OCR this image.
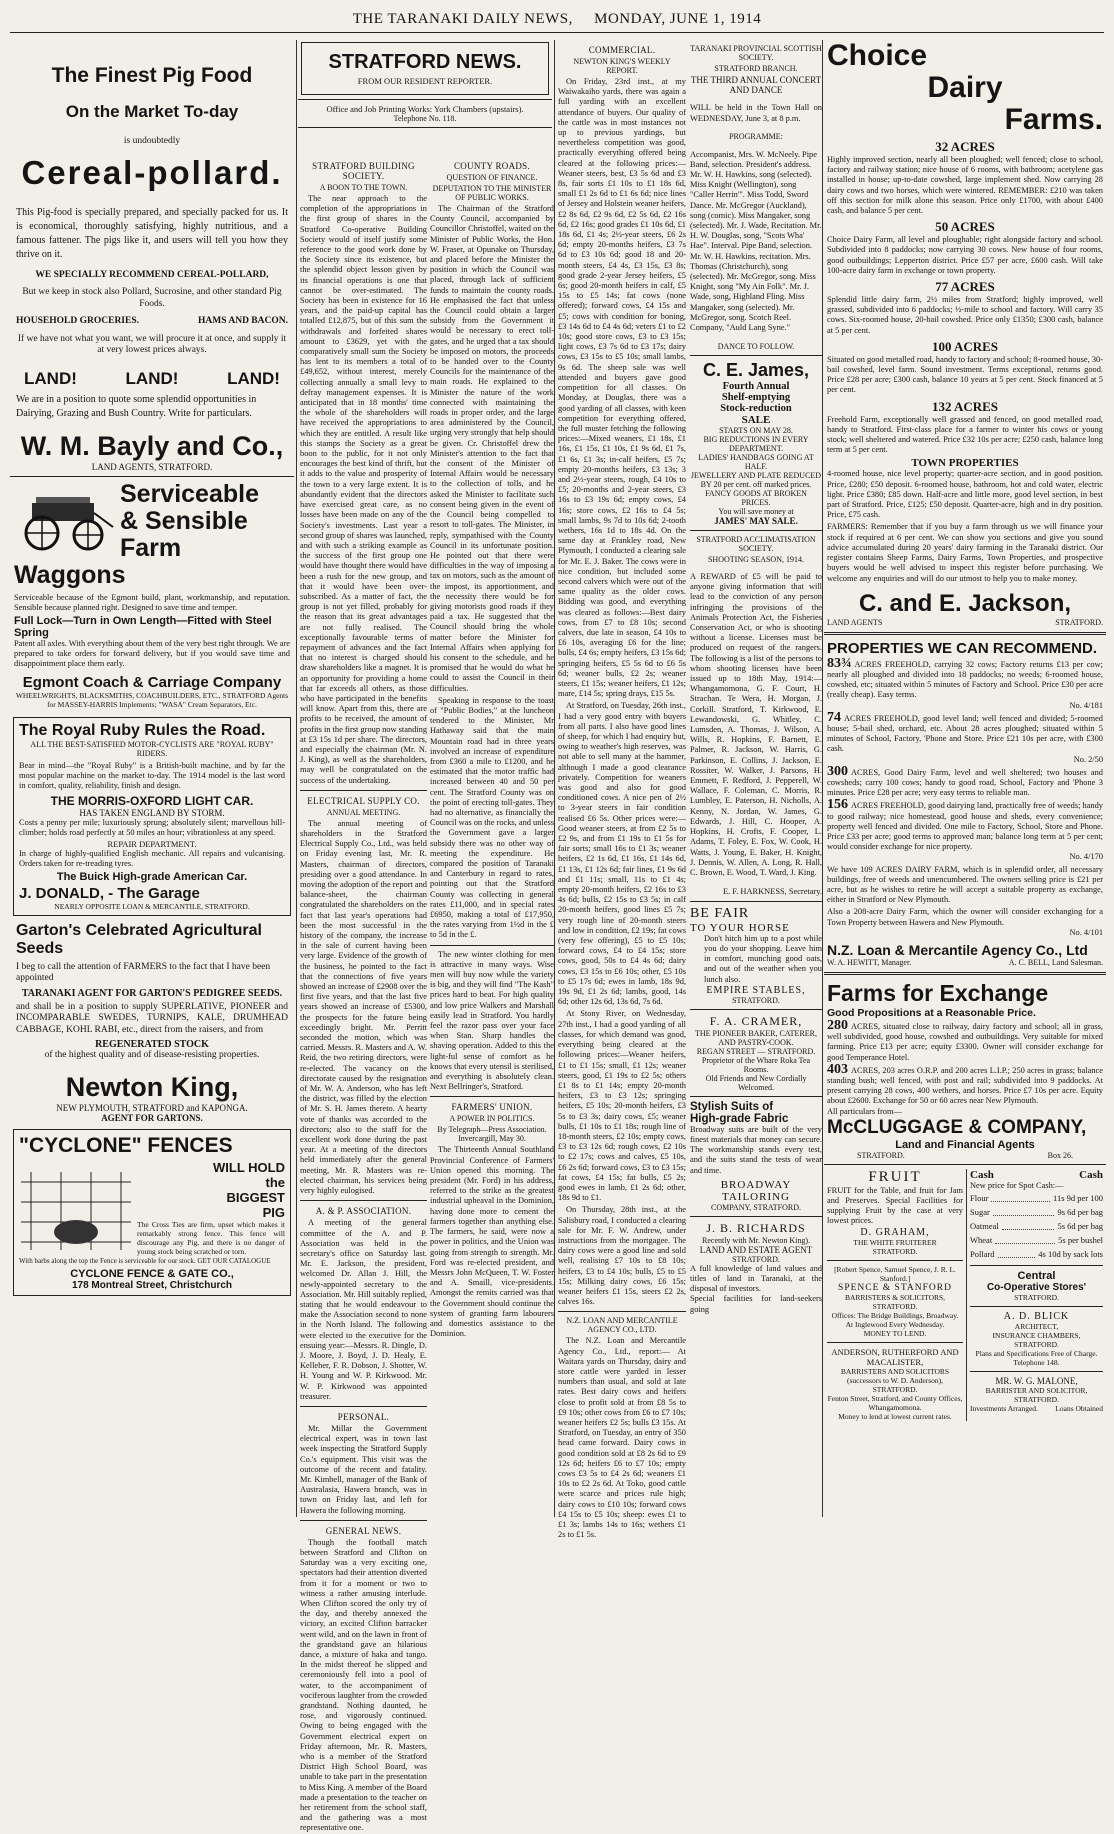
THE TARANAKI DAILY NEWS, MONDAY, JUNE 1, 1914
The Finest Pig Food
On the Market To-day
is undoubtedly
Cereal-pollard.
This Pig-food is specially prepared, and specially packed for us. It is economical, thoroughly satisfying, highly nutritious, and a famous fattener. The pigs like it, and users will tell you how they thrive on it.
WE SPECIALLY RECOMMEND CEREAL-POLLARD,
But we keep in stock also Pollard, Sucrosine, and other standard Pig Foods.
HOUSEHOLD GROCERIES.	HAMS AND BACON.
If we have not what you want, we will procure it at once, and supply it at very lowest prices always.
LAND!	LAND!	LAND!
We are in a position to quote some splendid opportunities in Dairying, Grazing and Bush Country. Write for particulars.
W. M. Bayly and Co.,
LAND AGENTS, STRATFORD.
Serviceable
& Sensible
Farm
Waggons
Serviceable because of the Egmont build, plant, workmanship, and reputation. Sensible because planned right. Designed to save time and temper.
Full Lock—Turn in Own Length—Fitted with Steel Spring
Patent all axles. With everything about them of the very best right through. We are prepared to take orders for forward delivery, but if you would save time and disappointment place them early.
Egmont Coach & Carriage Company
WHEELWRIGHTS, BLACKSMITHS, COACHBUILDERS, ETC., STRATFORD Agents for MASSEY-HARRIS Implements; "WASA" Cream Separators, Etc.
The Royal Ruby Rules the Road.
ALL THE BEST-SATISFIED MOTOR-CYCLISTS ARE "ROYAL RUBY" RIDERS.
Bear in mind—the "Royal Ruby" is a British-built machine, and by far the most popular machine on the market to-day. The 1914 model is the last word in comfort, quality, reliability, finish and design.
THE MORRIS-OXFORD LIGHT CAR.
HAS TAKEN ENGLAND BY STORM.
Costs a penny per mile; luxuriously sprung; absolutely silent; marvellous hill-climber; holds road perfectly at 50 miles an hour; vibrationless at any speed.
REPAIR DEPARTMENT.
In charge of highly-qualified English mechanic. All repairs and vulcanising. Orders taken for re-treading tyres.
The Buick High-grade American Car.
J. DONALD, - The Garage
NEARLY OPPOSITE LOAN & MERCANTILE, STRATFORD.
Garton's Celebrated Agricultural
Seeds
I beg to call the attention of FARMERS to the fact that I have been appointed
TARANAKI AGENT FOR GARTON'S PEDIGREE SEEDS.
and shall be in a position to supply SUPERLATIVE, PIONEER and INCOMPARABLE SWEDES, TURNIPS, KALE, DRUMHEAD CABBAGE, KOHL RABI, etc., direct from the raisers, and from
REGENERATED STOCK
of the highest quality and of disease-resisting properties.
Newton King,
NEW PLYMOUTH, STRATFORD and KAPONGA.
AGENT FOR GARTONS.
"CYCLONE" FENCES
WILL HOLD
the
BIGGEST
PIG
The Cross Ties are firm, upset which makes it remarkably strong fence. This fence will discourage any Pig, and there is no danger of young stock being scratched or torn.
With barbs along the top the Fence is serviceable for our stock. GET OUR CATALOGUE
CYCLONE FENCE & GATE CO.,
178 Montreal Street, Christchurch
STRATFORD NEWS.
FROM OUR RESIDENT REPORTER.
Office and Job Printing Works: York Chambers (upstairs).
Telephone No. 118.
STRATFORD BUILDING SOCIETY.
A BOON TO THE TOWN.

The near approach to the completion of the appropriations in the first group of shares in the Stratford Co-operative Building Society would of itself justify some reference to the good work done by the Society since its existence, but the splendid object lesson given by its financial operations is one that cannot be over-estimated. The Society has been in existence for 16 years, and the paid-up capital has totalled £12,875, but of this sum the withdrawals and forfeited shares amount to £3629, yet with the comparatively small sum the Society has lent to its members a total of £49,652, without interest, merely collecting annually a small levy to defray management expenses. It is anticipated that in 18 months' time the whole of the shareholders will have received the appropriations to which they are entitled. A result like this stamps the Society as a great boon to the public, for it not only encourages the best kind of thrift, but it adds to the value and prosperity of the town to a very large extent. It is abundantly evident that the directors have exercised great care, as no losses have been made on any of the Society's investments. Last year a second group of shares was launched, and with such a striking example as the success of the first group one would have thought there would have been a rush for the new group, and that it would have been over-subscribed. As a matter of fact, the group is not yet filled, probably for the reason that its great advantages are not fully realised. The exceptionally favourable terms of repayment of advances and the fact that no interest is charged should draw shareholders like a magnet. It is an opportunity for providing a home that far exceeds all others, as those who have participated in the benefits will know. Apart from this, there are profits to be received, the amount of profits in the first group now standing at £3 15s 1d per share. The directors, and especially the chairman (Mr. N. J. King), as well as the shareholders, may well be congratulated on the success of the undertaking.

ELECTRICAL SUPPLY CO.
ANNUAL MEETING.

The annual meeting of shareholders in the Stratford Electrical Supply Co., Ltd., was held on Friday evening last, Mr. R. Masters, chairman of directors, presiding over a good attendance. In moving the adoption of the report and balance-sheet, the chairman congratulated the shareholders on the fact that last year's operations had been the most successful in the history of the company, the increase in the sale of current having been very large. Evidence of the growth of the business, he pointed to the fact that the connections of five years showed an increase of £2908 over the first five years, and that the last five years showed an increase of £5300, the prospects for the future being exceedingly bright. Mr. Perritt seconded the motion, which was carried. Messrs. R. Masters and A. W. Reid, the two retiring directors, were re-elected. The vacancy on the directorate caused by the resignation of Mr. W. A. Anderson, who has left the district, was filled by the election of Mr. S. H. James thereto. A hearty vote of thanks was accorded to the directors; also to the staff for the excellent work done during the past year. At a meeting of the directors held immediately after the general meeting, Mr. R. Masters was re-elected chairman, his services being very highly eulogised.

A. & P. ASSOCIATION.

A meeting of the general committee of the A. and P. Association was held in the secretary's office on Saturday last. Mr. E. Jackson, the president, welcomed Dr. Allan J. Hill, the newly-appointed secretary to the Association. Mr. Hill suitably replied, stating that he would endeavour to make the Association second to none in the North Island. The following were elected to the executive for the ensuing year:—Messrs. R. Dingle, D. J. Moore, J. Boyd, J. D. Healy, E. Kelleher, F. R. Dobson, J. Shotter, W. H. Young and W. P. Kirkwood. Mr. W. P. Kirkwood was appointed treasurer.

PERSONAL.

Mr. Millar the Government electrical expert, was in town last week inspecting the Stratford Supply Co.'s equipment. This visit was the outcome of the recent and fatality. Mr. Kimbell, manager of the Bank of Australasia, Hawera branch, was in town on Friday last, and left for Hawera the following morning.

GENERAL NEWS.

Though the football match between Stratford and Clifton on Saturday was a very exciting one, spectators had their attention diverted from it for a moment or two to witness a rather amusing interlude. When Clifton scored the only try of the day, and thereby annexed the victory, an excited Clifton barracker went wild, and on the lawn in front of the grandstand gave an hilarious dance, a mixture of haka and tango. In the midst thereof he slipped and ceremoniously fell into a pool of water, to the accompaniment of vociferous laughter from the crowded grandstand. Nothing daunted, he rose, and vigorously continued. Owing to being engaged with the Government electrical expert on Friday afternoon, Mr. R. Masters, who is a member of the Stratford District High School Board, was unable to take part in the presentation to Miss King. A member of the Board made a presentation to the teacher on her retirement from the school staff, and the gathering was a most representative one.

COUNTY ROADS.
QUESTION OF FINANCE.
DEPUTATION TO THE MINISTER OF PUBLIC WORKS.

The Chairman of the Stratford County Council, accompanied by Councillor Christoffel, waited on the Minister of Public Works, the Hon. W. Fraser, at Opunake on Thursday, and placed before the Minister the position in which the Council was placed, through lack of sufficient funds to maintain the county roads. He emphasised the fact that unless the Council could obtain a larger subsidy from the Government it would be necessary to erect toll-gates, and he urged that a tax should be imposed on motors, the proceeds to be handed over to the County Councils for the maintenance of the main roads. He explained to the Minister the nature of the work connected with maintaining the roads in proper order, and the large area administered by the Council, urging very strongly that help should be given. Cr. Christoffel drew the Minister's attention to the fact that the consent of the Minister of Internal Affairs would be necessary to the collection of tolls, and he asked the Minister to facilitate such consent being given in the event of the Council being compelled to resort to toll-gates. The Minister, in reply, sympathised with the County Council in its unfortunate position. He pointed out that there were difficulties in the way of imposing a tax on motors, such as the amount of the impost, its apportionment, and the necessity there would be for giving motorists good roads if they paid a tax. He suggested that the Council should bring the whole matter before the Minister for Internal Affairs when applying for his consent to the schedule, and he promised that he would do what he could to assist the Council in their difficulties.

Speaking in response to the toast of "Public Bodies," at the luncheon tendered to the Minister, Mr Hathaway said that the main Mountain road had in three years involved an increase of expenditure from £360 a mile to £1200, and he estimated that the motor traffic had increased between 40 and 50 per cent. The Stratford County was on the point of erecting toll-gates. They had no alternative, as financially the Council was on the rocks, and unless the Government gave a larger subsidy there was no other way of meeting the expenditure. He compared the position of Taranaki and Canterbury in regard to rates, pointing out that the Stratford County was collecting in general rates £11,000, and in special rates £6950, making a total of £17,950, the rates varying from 1½d in the £ to 5d in the £.

The new winter clothing for men is attractive in many ways. Wise men will buy now while the variety is big, and they will find "The Kash" prices hard to beat. For high quality and low price Walkers and Marshall easily lead in Stratford. You hardly feel the razor pass over your face when Stan. Sharp handles the shaving operation. Added to this the light-ful sense of comfort as he knows that every utensil is sterilised, and everything is absolutely clean. Next Bellringer's, Stratford.

FARMERS' UNION.
A POWER IN POLITICS.
By Telegraph—Press Association. Invercargill, May 30.

The Thirteenth Annual Southland Provincial Conference of Farmers' Union opened this morning. The president (Mr. Ford) in his address, referred to the strike as the greatest industrial upheaval in the Dominion, having done more to cement the farmers together than anything else. The farmers, he said, were now a power in politics, and the Union was going from strength to strength. Mr. Ford was re-elected president, and Messrs John McQueen, T. W. Foster and A. Smaill, vice-presidents. Amongst the remits carried was that the Government should continue the system of granting farm labourers and domestics assistance to the Dominion.

COMMERCIAL.
NEWTON KING'S WEEKLY REPORT.

On Friday, 23rd inst., at my Waiwakaiho yards, there was again a full yarding with an excellent attendance of buyers. Our quality of the cattle was in most instances not up to previous yardings, but nevertheless competition was good, practically everything offered being cleared at the following prices:—Weaner steers, best, £3 5s 6d and £3 8s, fair sorts £1 10s to £1 18s 6d, small £1 2s 6d to £1 6s 6d; nice lines of Jersey and Holstein weaner heifers, £2 8s 6d, £2 9s 6d, £2 5s 6d, £2 16s 6d, £2 16s; good grades £1 10s 6d, £1 18s 6d, £1 4s; 2½-year steers, £6 2s 6d; empty 20-months heifers, £3 7s 6d to £3 10s 6d; good 18 and 20-month steers, £4 4s, £3 15s, £3 8s; good grade 2-year Jersey heifers, £5 6s; good 20-month heifers in calf, £5 15s to £5 14s; fat cows (none offered); forward cows, £4 15s and £5; cows with condition for boning, £3 14s 6d to £4 4s 6d; veters £1 to £2 10s; good store cows, £3 to £3 15s; light cows, £3 7s 6d to £3 17s; dairy cows, £3 15s to £5 10s; small lambs, 9s 6d. The sheep sale was well attended and buyers gave good competition for all classes. On Monday, at Douglas, there was a good yarding of all classes, with keen competition for everything offered, the full muster fetching the following prices:—Mixed weaners, £1 18s, £1 16s, £1 15s, £1 10s, £1 9s 6d, £1 7s, £1 6s, £1 3s; in-calf heifers, £5 7s; empty 20-months heifers, £3 13s; 3 and 2½-year steers, rough, £4 10s to £5; 20-months and 2-year steers, £3 16s to £3 19s 6d; empty cows, £4 16s; store cows, £2 16s to £4 5s; small lambs, 9s 7d to 10s 6d; 2-tooth wethers, 16s 1d to 18s 4d. On the same day at Frankley road, New Plymouth, I conducted a clearing sale for Mr. E. J. Baker. The cows were in nice condition, but included some second calvers which were out of the same quality as the older cows. Bidding was good, and everything was cleared as follows:—Best dairy cows, from £7 to £8 10s; second calvers, due late in season, £4 10s to £6 10s, averaging £6 for the line; bulls, £4 6s; empty heifers, £3 15s 6d; springing heifers, £5 5s 6d to £6 5s 6d; weaner bulls, £2 2s; weaner steers, £1 15s; weaner heifers, £1 12s; mare, £14 5s; spring drays, £15 5s.

At Stratford, on Tuesday, 26th inst., I had a very good entry with buyers from all parts. I also have good lines of sheep, for which I had enquiry but, owing to weather's high reserves, was not able to sell many at the hammer, although I made a good clearance privately. Competition for weaners was good and also for good conditioned cows. A nice pen of 2½ to 3-year steers in fair condition realised £6 5s. Other prices were:—Good weaner steers, at from £2 5s to £2 9s, and from £1 19s to £1 5s for fair sorts; small 16s to £1 3s; weaner heifers, £2 1s 6d, £1 16s, £1 14s 6d, £1 13s, £1 12s 6d; fair lines, £1 9s 6d and £1 11s; small, 11s to £1 4s; empty 20-month heifers, £2 16s to £3 4s 6d; bulls, £2 15s to £3 5s; in calf 20-month heifers, good lines £5 7s; very rough line of 20-month steers and low in condition, £2 19s; fat cows (very few offering), £5 to £5 10s; forward cows, £4 to £4 15s; store cows, good, 50s to £4 4s 6d; dairy cows, £3 15s to £6 10s; other, £5 10s to £5 17s 6d; ewes in lamb, 18s 9d, 19s 9d, £1 2s 6d; lambs, good, 14s 6d; other 12s 6d, 13s 6d, 7s 6d.

At Stony River, on Wednesday, 27th inst., I had a good yarding of all classes, for which demand was good, everything being cleared at the following prices:—Weaner heifers, £1 to £1 15s; small, £1 12s; weaner steers, good, £1 19s to £2 5s; others £1 8s to £1 14s; empty 20-month heifers, £3 to £3 12s; springing heifers, £5 10s; 20-month heifers, £3 5s to £3 3s; dairy cows, £5; weaner bulls, £1 10s to £1 18s; rough line of 18-month steers, £2 10s; empty cows, £3 to £3 12s 6d; rough cows, £2 10s to £2 17s; cows and calves, £5 10s, £6 2s 6d; forward cows, £3 to £3 15s; fat cows, £4 15s; fat bulls, £5 2s; good ewes in lamb, £1 2s 6d; other, 18s 9d to £1.

On Thursday, 28th inst., at the Salisbury road, I conducted a clearing sale for Mr. F. W. Andrew, under instructions from the mortgagee. The dairy cows were a good line and sold well, realising £7 10s to £8 10s; heifers, £3 to £4 10s; bulls, £5 to £5 15s; Milking dairy cows, £6 15s; weaner heifers £1 15s, steers £2 2s, calves 16s.

N.Z. LOAN AND MERCANTILE AGENCY CO., LTD.

The N.Z. Loan and Mercantile Agency Co., Ltd., report:— At Waitara yards on Thursday, dairy and store cattle were yarded in lesser numbers than usual, and sold at late rates. Best dairy cows and heifers close to profit sold at from £8 5s to £9 10s; other cows from £6 to £7 10s; weaner heifers £2 5s; bulls £3 15s. At Stratford, on Tuesday, an entry of 350 head came forward. Dairy cows in good condition sold at £8 2s 6d to £9 12s 6d; heifers £6 to £7 10s; empty cows £3 5s to £4 2s 6d; weaners £1 10s to £2 2s 6d. At Toko, good cattle were scarce and prices rule high; dairy cows to £10 10s; forward cows £4 15s to £5 10s; sheep: ewes £1 to £1 3s; lambs 14s to 16s; wethers £1 2s to £1 5s.

TARANAKI PROVINCIAL SCOTTISH SOCIETY.
STRATFORD BRANCH.
THE THIRD ANNUAL CONCERT AND DANCE

WILL be held in the Town Hall on WEDNESDAY, June 3, at 8 p.m.

PROGRAMME:

Accompanist, Mrs. W. McNeely. Pipe Band, selection. President's address. Mr. W. H. Hawkins, song (selected). Miss Knight (Wellington), song "Caller Herrin'". Miss Todd, Sword Dance. Mr. McGregor (Auckland), song (comic). Miss Mangaker, song (selected). Mr. J. Wade, Recitation. Mr. H. W. Douglas, song, "Scots Wha' Hae". Interval. Pipe Band, selection. Mr. W. H. Hawkins, recitation. Mrs. Thomas (Christchurch), song (selected). Mr. McGregor, song. Miss Knight, song "My Ain Folk". Mr. J. Wade, song, Highland Fling. Miss Mangaker, song (selected). Mr. McGregor, song. Scotch Reel. Company, "Auld Lang Syne."

DANCE TO FOLLOW.
C. E. James,
Fourth Annual
Shelf-emptying
Stock-reduction
SALE
STARTS ON MAY 28.
BIG REDUCTIONS IN EVERY DEPARTMENT.
LADIES' HANDBAGS GOING AT HALF.
JEWELLERY AND PLATE REDUCED BY 20 per cent. off marked prices.
FANCY GOODS AT BROKEN PRICES.
You will save money at
JAMES' MAY SALE.
STRATFORD ACCLIMATISATION SOCIETY.
SHOOTING SEASON, 1914.

A REWARD of £5 will be paid to anyone giving information that will lead to the conviction of any person infringing the provisions of the Animals Protection Act, the Fisheries Conservation Act, or who is shooting without a license. Licenses must be produced on request of the rangers. The following is a list of the persons to whom shooting licenses have been issued up to 18th May, 1914:— Whangamomona, G. F. Court, H. Strachan. Te Wera, H. Morgan, J. Corkill. Stratford, T. Kirkwood, E. Lewandowski, G. Whitley, C. Lumsden, A. Thomas, J. Wilson, A. Wills, R. Hopkins, F. Barnett, E. Palmer, R. Jackson, W. Harris, G. Parkinson, E. Collins, J. Jackson, E. Rossiter, W. Walker, J. Parsons, H. Emmett, F. Redford, J. Pepperell, W. Wallace, F. Coleman, C. Morris, R. Lumbley, E. Paterson, H. Nicholls, A. Kenny, N. Jordan, W. James, G. Edwards, J. Hill, C. Hooper, A. Hopkins, H. Crofts, F. Cooper, L. Adams, T. Foley, E. Fox, W. Cook, H. Watts, J. Young, E. Baker, H. Knight, J. Dennis, W. Allen, A. Long, R. Hall, C. Brown, E. Wood, T. Ward, J. King.

E. F. HARKNESS, Secretary.
BE FAIR
TO YOUR HORSE
Don't hitch him up to a post while you do your shopping. Leave him in comfort, munching good oats, and out of the weather when you lunch also.
EMPIRE STABLES,
STRATFORD.
F. A. CRAMER,
THE PIONEER BAKER, CATERER, AND PASTRY-COOK.
REGAN STREET — STRATFORD.
Proprietor of the Whare Roka Tea Rooms.
Old Friends and New Cordially Welcomed.
Stylish Suits of
High-grade Fabric
Broadway suits are built of the very finest materials that money can secure. The workmanship stands every test, and the suits stand the tests of wear and time.
BROADWAY TAILORING
COMPANY, STRATFORD.
J. B. RICHARDS
Recently with Mr. Newton King).
LAND AND ESTATE AGENT
STRATFORD.
A full knowledge of land values and titles of land in Taranaki, at the disposal of investors.
Special facilities for land-seekers going
Choice
Dairy
Farms.
32 ACRES
Highly improved section, nearly all been ploughed; well fenced; close to school, factory and railway station; nice house of 6 rooms, with bathroom; acetylene gas installed in house; up-to-date cowshed, large implement shed. Now carrying 28 dairy cows and two horses, which were wintered. REMEMBER: £210 was taken off this section for milk alone this season. Price only £1700, with about £400 cash, and balance 5 per cent.
50 ACRES
Choice Dairy Farm, all level and ploughable; right alongside factory and school. Subdivided into 8 paddocks; now carrying 30 cows. New house of four rooms, good outbuildings; Lepperton district. Price £57 per acre, £600 cash. Will take 100-acre dairy farm in exchange or town property.
77 ACRES
Splendid little dairy farm, 2½ miles from Stratford; highly improved, well grassed, subdivided into 6 paddocks; ½-mile to school and factory. Will carry 35 cows. Six-roomed house, 20-bail cowshed. Price only £1350; £300 cash, balance at 5 per cent.
100 ACRES
Situated on good metalled road, handy to factory and school; 8-roomed house, 30-bail cowshed, level farm. Sound investment. Terms exceptional, returns good. Price £28 per acre; £300 cash, balance 10 years at 5 per cent. Stock financed at 5 per cent.
132 ACRES
Freehold Farm, exceptionally well grassed and fenced, on good metalled road, handy to Stratford. First-class place for a farmer to winter his cows or young stock; well sheltered and watered. Price £32 10s per acre; £250 cash, balance long term at 5 per cent.
TOWN PROPERTIES
4-roomed house, nice level property; quarter-acre section, and in good position. Price, £280; £50 deposit. 6-roomed house, bathroom, hot and cold water, electric light. Price £380; £85 down. Half-acre and little more, good level section, in best part of Stratford. Price, £125; £50 deposit. Quarter-acre, high and in dry position. Price, £75 cash.
FARMERS: Remember that if you buy a farm through us we will finance your stock if required at 6 per cent. We can show you sections and give you sound advice accumulated during 20 years' dairy farming in the Taranaki district. Our register contains Sheep Farms, Dairy Farms, Town Properties, and prospective buyers would be well advised to inspect this register before purchasing. We welcome any enquiries and will do our utmost to help you to make money.
C. and E. Jackson,
LAND AGENTS	STRATFORD.
PROPERTIES WE CAN RECOMMEND.
83¾ ACRES FREEHOLD, carrying 32 cows; Factory returns £13 per cow; nearly all ploughed and divided into 18 paddocks; no weeds; 6-roomed house, cowshed, etc; situated within 5 minutes of Factory and School. Price £30 per acre (really cheap). Easy terms.
No. 4/181
74 ACRES FREEHOLD, good level land; well fenced and divided; 5-roomed house; 5-bail shed, orchard, etc. About 28 acres ploughed; situated within 5 minutes of School, Factory, 'Phone and Store. Price £21 10s per acre, with £300 cash.
No. 2/50
300 ACRES, Good Dairy Farm, level and well sheltered; two houses and cowsheds; carry 100 cows; handy to good road, School, Factory and 'Phone 3 minutes. Price £28 per acre; very easy terms to reliable man.
156 ACRES FREEHOLD, good dairying land, practically free of weeds; handy to good railway; nice homestead, good house and sheds, every convenience; property well fenced and divided. One mile to Factory, School, Store and Phone. Price £33 per acre; good terms to approved man; balance long term at 5 per cent; would consider exchange for nice property.
No. 4/170
We have 109 ACRES DAIRY FARM, which is in splendid order, all necessary buildings, free of weeds and unencumbered. The owners selling price is £21 per acre, but as he wishes to retire he will accept a suitable property as exchange, either in Stratford or New Plymouth.
Also a 208-acre Dairy Farm, which the owner will consider exchanging for a Town Property between Hawera and New Plymouth.
No. 4/101
N.Z. Loan & Mercantile Agency Co., Ltd
W. A. HEWITT, Manager.	A. C. BELL, Land Salesman.
Farms for Exchange
Good Propositions at a Reasonable Price.
280 ACRES, situated close to railway, dairy factory and school; all in grass, well subdivided, good house, cowshed and outbuildings. Very suitable for mixed farming. Price £13 per acre; equity £3300. Owner will consider exchange for good Temperance Hotel.
403 ACRES, 203 acres O.R.P. and 200 acres L.I.P.; 250 acres in grass; balance standing bush; well fenced, with post and rail; subdivided into 9 paddocks. At present carrying 28 cows, 400 wethers, and horses. Price £7 10s per acre. Equity about £2600. Exchange for 50 or 60 acres near New Plymouth.
All particulars from—
McCLUGGAGE & COMPANY,
Land and Financial Agents
STRATFORD.	Box 26.
FRUIT
FRUIT for the Table, and fruit for Jam and Preserves. Special Facilities for supplying Fruit by the case at very lowest prices.
D. GRAHAM,
THE WHITE FRUITERER
STRATFORD.
[Robert Spence, Samuel Spence, J. R. L. Stanford.]
SPENCE & STANFORD
BARRISTERS & SOLICITORS,
STRATFORD.
Offices: The Bridge Buildings, Broadway.
At Inglewood Every Wednesday.
MONEY TO LEND.
ANDERSON, RUTHERFORD AND MACALISTER,
BARRISTERS AND SOLICITORS
(successors to W. D. Anderson),
STRATFORD.
Fenton Street, Stratford, and County Offices, Whangamomona.
Money to lend at lowest current rates.
Cash	Cash
New price for Spot Cash:—
Flour	11s 9d per 100
Sugar	9s 6d per bag
Oatmeal	5s 6d per bag
Wheat	5s per bushel
Pollard	4s 10d by sack lots
Central
Co-Operative Stores'
STRATFORD.
A. D. BLICK
ARCHITECT,
INSURANCE CHAMBERS,
STRATFORD.
Plans and Specifications Free of Charge.
Telephone 148.
MR. W. G. MALONE,
BARRISTER AND SOLICITOR,
STRATFORD.
Investments Arranged. Loans Obtained
